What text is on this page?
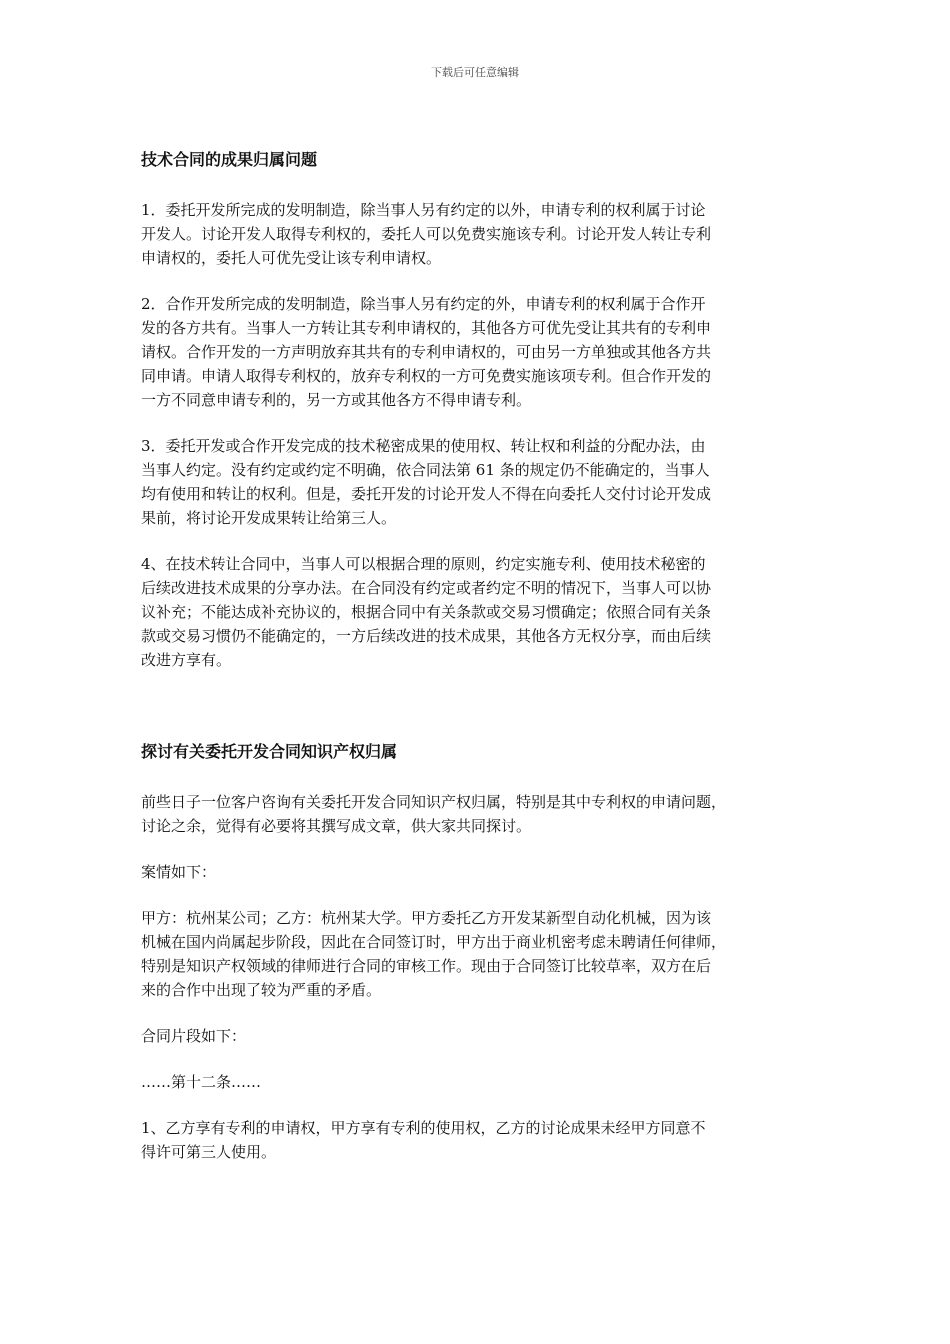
下载后可任意编辑
技术合同的成果归属问题

1．委托开发所完成的发明制造，除当事人另有约定的以外，申请专利的权利属于讨论
开发人。讨论开发人取得专利权的，委托人可以免费实施该专利。讨论开发人转让专利
申请权的，委托人可优先受让该专利申请权。

2．合作开发所完成的发明制造，除当事人另有约定的外，申请专利的权利属于合作开
发的各方共有。当事人一方转让其专利申请权的，其他各方可优先受让其共有的专利申
请权。合作开发的一方声明放弃其共有的专利申请权的，可由另一方单独或其他各方共
同申请。申请人取得专利权的，放弃专利权的一方可免费实施该项专利。但合作开发的
一方不同意申请专利的，另一方或其他各方不得申请专利。

3．委托开发或合作开发完成的技术秘密成果的使用权、转让权和利益的分配办法，由
当事人约定。没有约定或约定不明确，依合同法第 61 条的规定仍不能确定的，当事人
均有使用和转让的权利。但是，委托开发的讨论开发人不得在向委托人交付讨论开发成
果前，将讨论开发成果转让给第三人。

4、在技术转让合同中，当事人可以根据合理的原则，约定实施专利、使用技术秘密的
后续改进技术成果的分享办法。在合同没有约定或者约定不明的情况下，当事人可以协
议补充；不能达成补充协议的，根据合同中有关条款或交易习惯确定；依照合同有关条
款或交易习惯仍不能确定的，一方后续改进的技术成果，其他各方无权分享，而由后续
改进方享有。

探讨有关委托开发合同知识产权归属

前些日子一位客户咨询有关委托开发合同知识产权归属，特别是其中专利权的申请问题，
讨论之余，觉得有必要将其撰写成文章，供大家共同探讨。

案情如下：

甲方：杭州某公司；乙方：杭州某大学。甲方委托乙方开发某新型自动化机械，因为该
机械在国内尚属起步阶段，因此在合同签订时，甲方出于商业机密考虑未聘请任何律师，
特别是知识产权领域的律师进行合同的审核工作。现由于合同签订比较草率，双方在后
来的合作中出现了较为严重的矛盾。

合同片段如下：

……第十二条……

1、乙方享有专利的申请权，甲方享有专利的使用权，乙方的讨论成果未经甲方同意不
得许可第三人使用。
